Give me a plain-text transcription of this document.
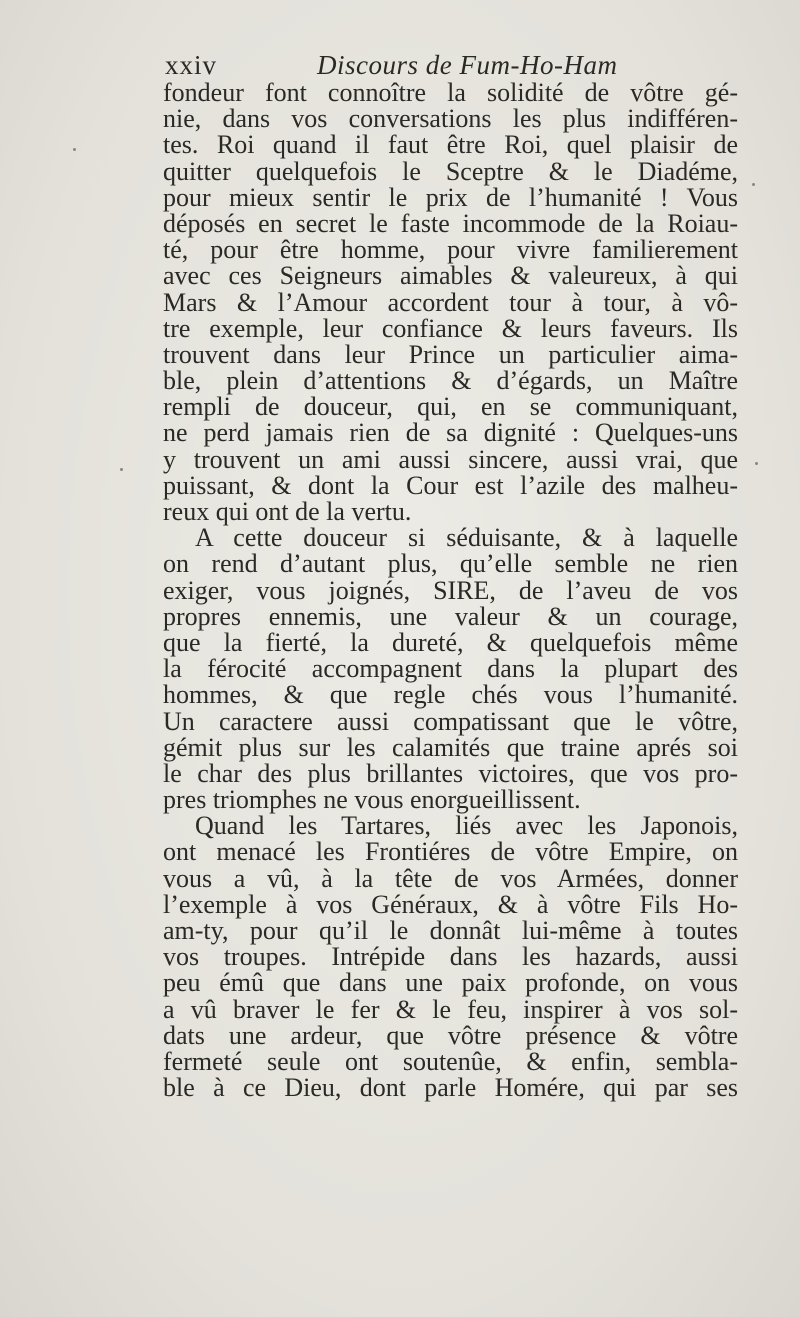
xxiv	Discours de Fum-Ho-Ham
fondeur font connoître la solidité de vôtre gé-
nie, dans vos conversations les plus indifféren-
tes. Roi quand il faut être Roi, quel plaisir de
quitter quelquefois le Sceptre & le Diadéme,
pour mieux sentir le prix de l’humanité ! Vous
déposés en secret le faste incommode de la Roiau-
té, pour être homme, pour vivre familierement
avec ces Seigneurs aimables & valeureux, à qui
Mars & l’Amour accordent tour à tour, à vô-
tre exemple, leur confiance & leurs faveurs. Ils
trouvent dans leur Prince un particulier aima-
ble, plein d’attentions & d’égards, un Maître
rempli de douceur, qui, en se communiquant,
ne perd jamais rien de sa dignité : Quelques-uns
y trouvent un ami aussi sincere, aussi vrai, que
puissant, & dont la Cour est l’azile des malheu-
reux qui ont de la vertu.
A cette douceur si séduisante, & à laquelle
on rend d’autant plus, qu’elle semble ne rien
exiger, vous joignés, SIRE, de l’aveu de vos
propres ennemis, une valeur & un courage,
que la fierté, la dureté, & quelquefois même
la férocité accompagnent dans la plupart des
hommes, & que regle chés vous l’humanité.
Un caractere aussi compatissant que le vôtre,
gémit plus sur les calamités que traine aprés soi
le char des plus brillantes victoires, que vos pro-
pres triomphes ne vous enorgueillissent.
Quand les Tartares, liés avec les Japonois,
ont menacé les Frontiéres de vôtre Empire, on
vous a vû, à la tête de vos Armées, donner
l’exemple à vos Généraux, & à vôtre Fils Ho-
am-ty, pour qu’il le donnât lui-même à toutes
vos troupes. Intrépide dans les hazards, aussi
peu émû que dans une paix profonde, on vous
a vû braver le fer & le feu, inspirer à vos sol-
dats une ardeur, que vôtre présence & vôtre
fermeté seule ont soutenûe, & enfin, sembla-
ble à ce Dieu, dont parle Homére, qui par ses
